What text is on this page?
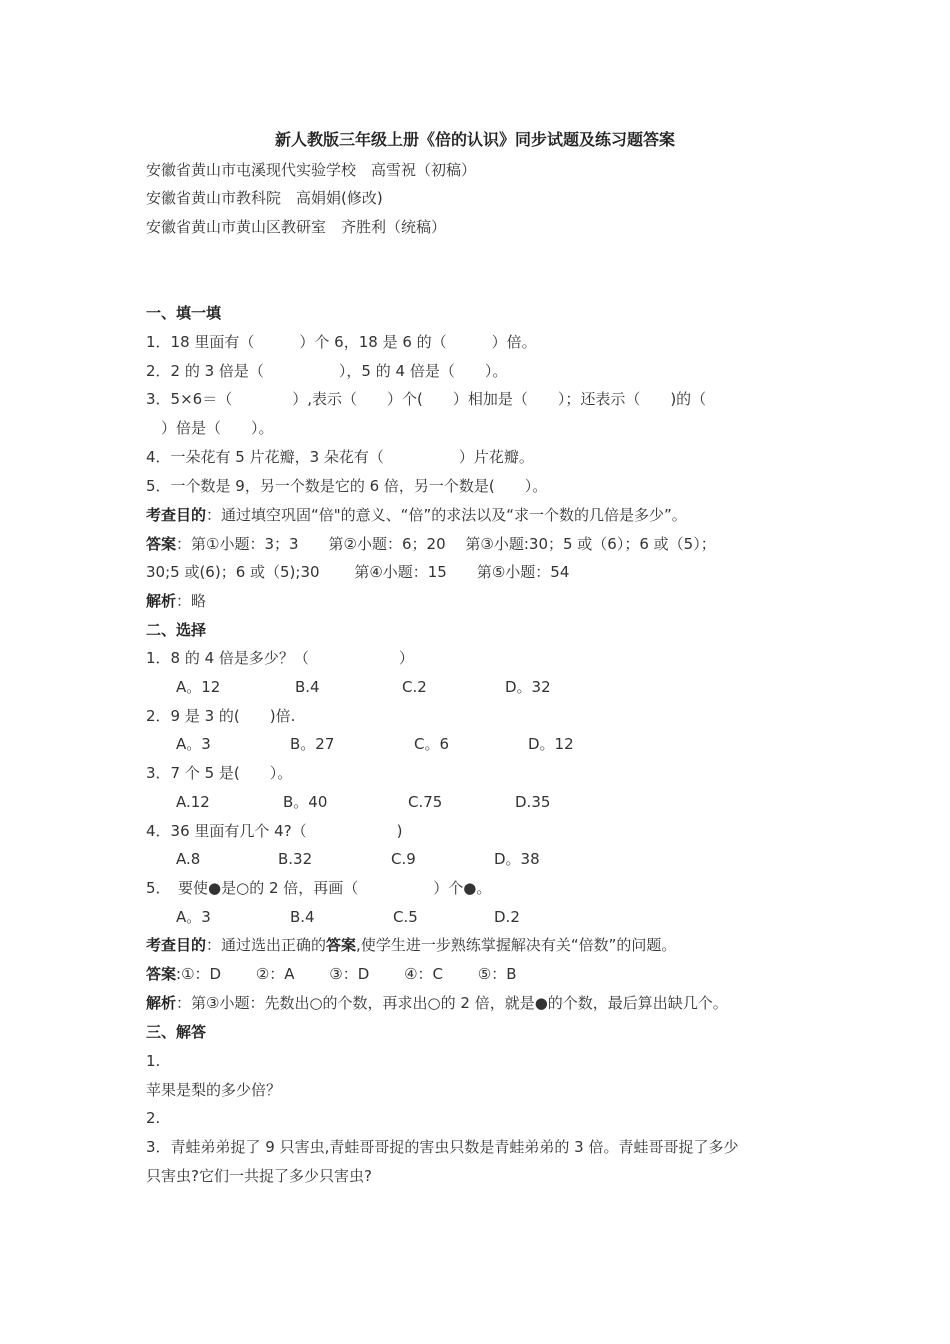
新人教版三年级上册《倍的认识》同步试题及练习题答案
安徽省黄山市屯溪现代实验学校　高雪祝（初稿）
安徽省黄山市教科院　高娟娟(修改)
安徽省黄山市黄山区教研室　齐胜利（统稿）
一、填一填
1．18 里面有（　　　）个 6，18 是 6 的（　　　）倍。
2．2 的 3 倍是（　　　　　），5 的 4 倍是（　　）。
3．5×6＝（　　　　）,表示（　　）个(　　）相加是（　　）；还表示（　　)的（
　）倍是（　　）。
4．一朵花有 5 片花瓣，3 朵花有（　　　　　）片花瓣。
5．一个数是 9，另一个数是它的 6 倍，另一个数是(　　）。
考查目的：通过填空巩固“倍"的意义、“倍”的求法以及“求一个数的几倍是多少”。
答案：第①小题：3；3　　第②小题：6；20　 第③小题:30；5 或（6）；6 或（5）；
30;5 或(6)；6 或（5);30　　 第④小题：15　　第⑤小题：54
解析：略
二、选择
1．8 的 4 倍是多少？（　　　　　　）

A。12

	B.4

	C.2

	D。32

2．9 是 3 的(　　)倍.

A。3

	B。27

	C。6

	D。12

3．7 个 5 是(　　）。

A.12

	B。40

	C.75

	D.35

4．36 里面有几个 4?（　　　　　　)

A.8

	B.32

	C.9

	D。38

5．　要使●是○的 2 倍，再画（　　　　　）个●。

A。3

	B.4

	C.5

	D.2

考查目的：通过选出正确的答案,使学生进一步熟练掌握解决有关“倍数”的问题。
答案:①：D　　 ②：A　　 ③：D　　 ④：C　　 ⑤：B
解析：第③小题：先数出○的个数，再求出○的 2 倍，就是●的个数，最后算出缺几个。
三、解答
1.
苹果是梨的多少倍？
2.
3．青蛙弟弟捉了 9 只害虫,青蛙哥哥捉的害虫只数是青蛙弟弟的 3 倍。青蛙哥哥捉了多少
只害虫?它们一共捉了多少只害虫?
